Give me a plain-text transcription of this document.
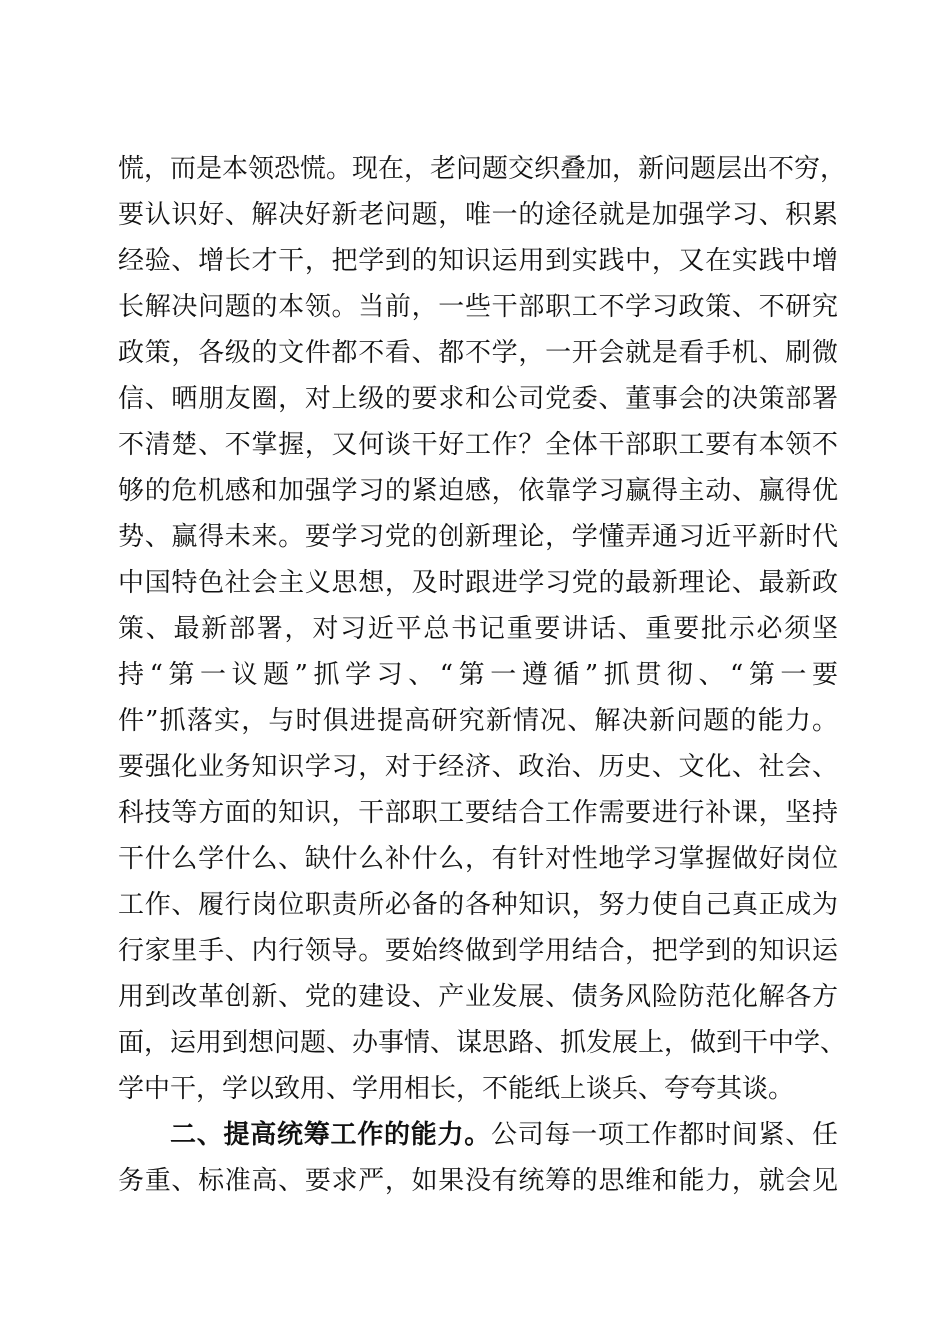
慌，而是本领恐慌。现在，老问题交织叠加，新问题层出不穷，
要认识好、解决好新老问题，唯一的途径就是加强学习、积累
经验、增长才干，把学到的知识运用到实践中，又在实践中增
长解决问题的本领。当前，一些干部职工不学习政策、不研究
政策，各级的文件都不看、都不学，一开会就是看手机、刷微
信、晒朋友圈，对上级的要求和公司党委、董事会的决策部署
不清楚、不掌握，又何谈干好工作？全体干部职工要有本领不
够的危机感和加强学习的紧迫感，依靠学习赢得主动、赢得优
势、赢得未来。要学习党的创新理论，学懂弄通习近平新时代
中国特色社会主义思想，及时跟进学习党的最新理论、最新政
策、最新部署，对习近平总书记重要讲话、重要批示必须坚
持“第一议题”抓学习、“第一遵循”抓贯彻、“第一要
件”抓落实，与时俱进提高研究新情况、解决新问题的能力。
要强化业务知识学习，对于经济、政治、历史、文化、社会、
科技等方面的知识，干部职工要结合工作需要进行补课，坚持
干什么学什么、缺什么补什么，有针对性地学习掌握做好岗位
工作、履行岗位职责所必备的各种知识，努力使自己真正成为
行家里手、内行领导。要始终做到学用结合，把学到的知识运
用到改革创新、党的建设、产业发展、债务风险防范化解各方
面，运用到想问题、办事情、谋思路、抓发展上，做到干中学、
学中干，学以致用、学用相长，不能纸上谈兵、夸夸其谈。
二、提高统筹工作的能力。公司每一项工作都时间紧、任
务重、标准高、要求严，如果没有统筹的思维和能力，就会见
